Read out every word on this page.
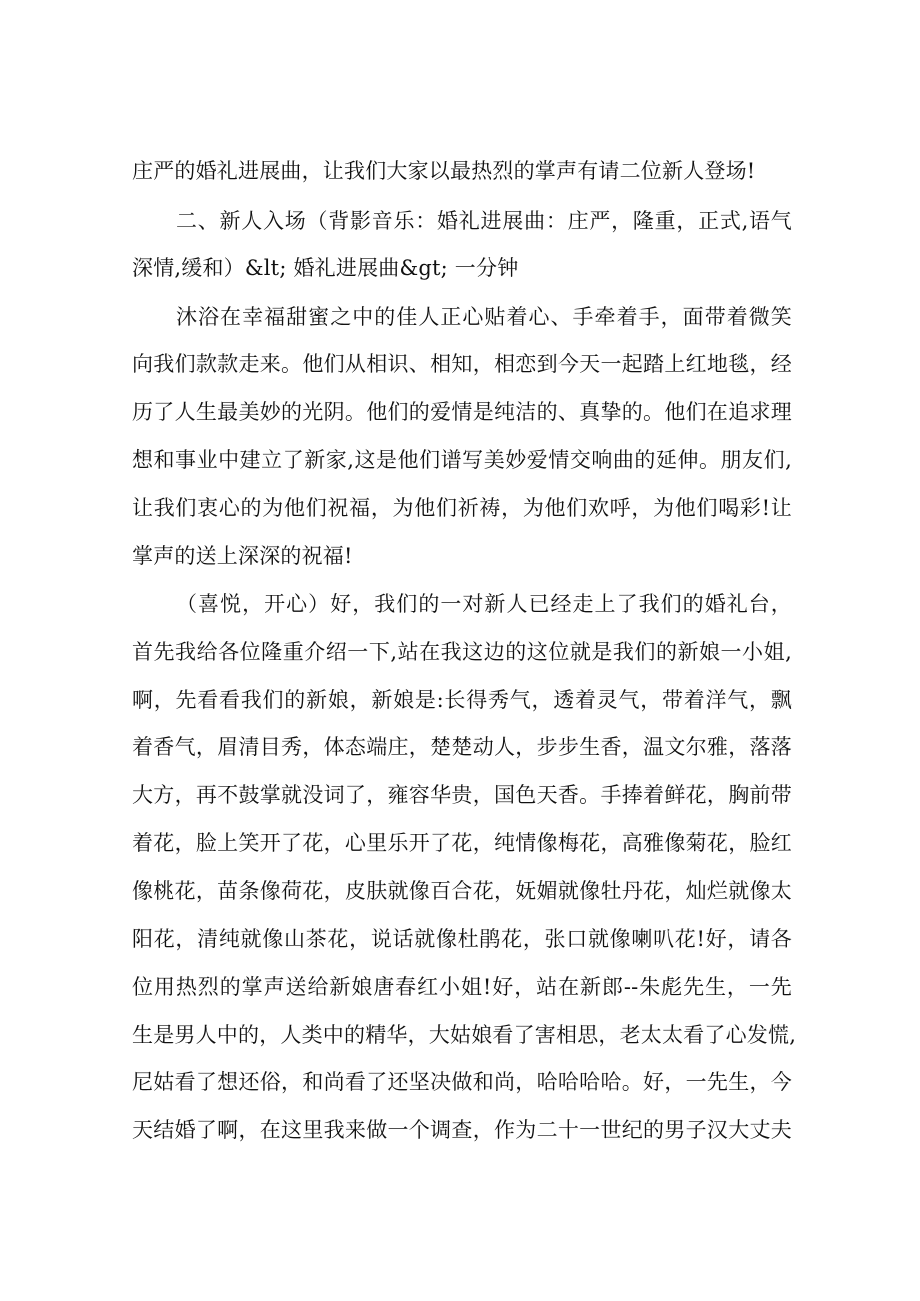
庄严的婚礼进展曲，让我们大家以最热烈的掌声有请二位新人登场!
二、新人入场（背影音乐：婚礼进展曲：庄严，隆重，正式,语气
深情,缓和）&lt; 婚礼进展曲&gt; 一分钟
沐浴在幸福甜蜜之中的佳人正心贴着心、手牵着手，面带着微笑
向我们款款走来。他们从相识、相知，相恋到今天一起踏上红地毯，经
历了人生最美妙的光阴。他们的爱情是纯洁的、真挚的。他们在追求理
想和事业中建立了新家,这是他们谱写美妙爱情交响曲的延伸。朋友们,
让我们衷心的为他们祝福，为他们祈祷，为他们欢呼，为他们喝彩!让
掌声的送上深深的祝福!
（喜悦，开心）好，我们的一对新人已经走上了我们的婚礼台，
首先我给各位隆重介绍一下,站在我这边的这位就是我们的新娘一小姐,
啊，先看看我们的新娘，新娘是:长得秀气，透着灵气，带着洋气，飘
着香气，眉清目秀，体态端庄，楚楚动人，步步生香，温文尔雅，落落
大方，再不鼓掌就没词了，雍容华贵，国色天香。手捧着鲜花，胸前带
着花，脸上笑开了花，心里乐开了花，纯情像梅花，高雅像菊花，脸红
像桃花，苗条像荷花，皮肤就像百合花，妩媚就像牡丹花，灿烂就像太
阳花，清纯就像山茶花，说话就像杜鹃花，张口就像喇叭花!好，请各
位用热烈的掌声送给新娘唐春红小姐!好，站在新郎--朱彪先生，一先
生是男人中的，人类中的精华，大姑娘看了害相思，老太太看了心发慌,
尼姑看了想还俗，和尚看了还坚决做和尚，哈哈哈哈。好，一先生，今
天结婚了啊，在这里我来做一个调查，作为二十一世纪的男子汉大丈夫
